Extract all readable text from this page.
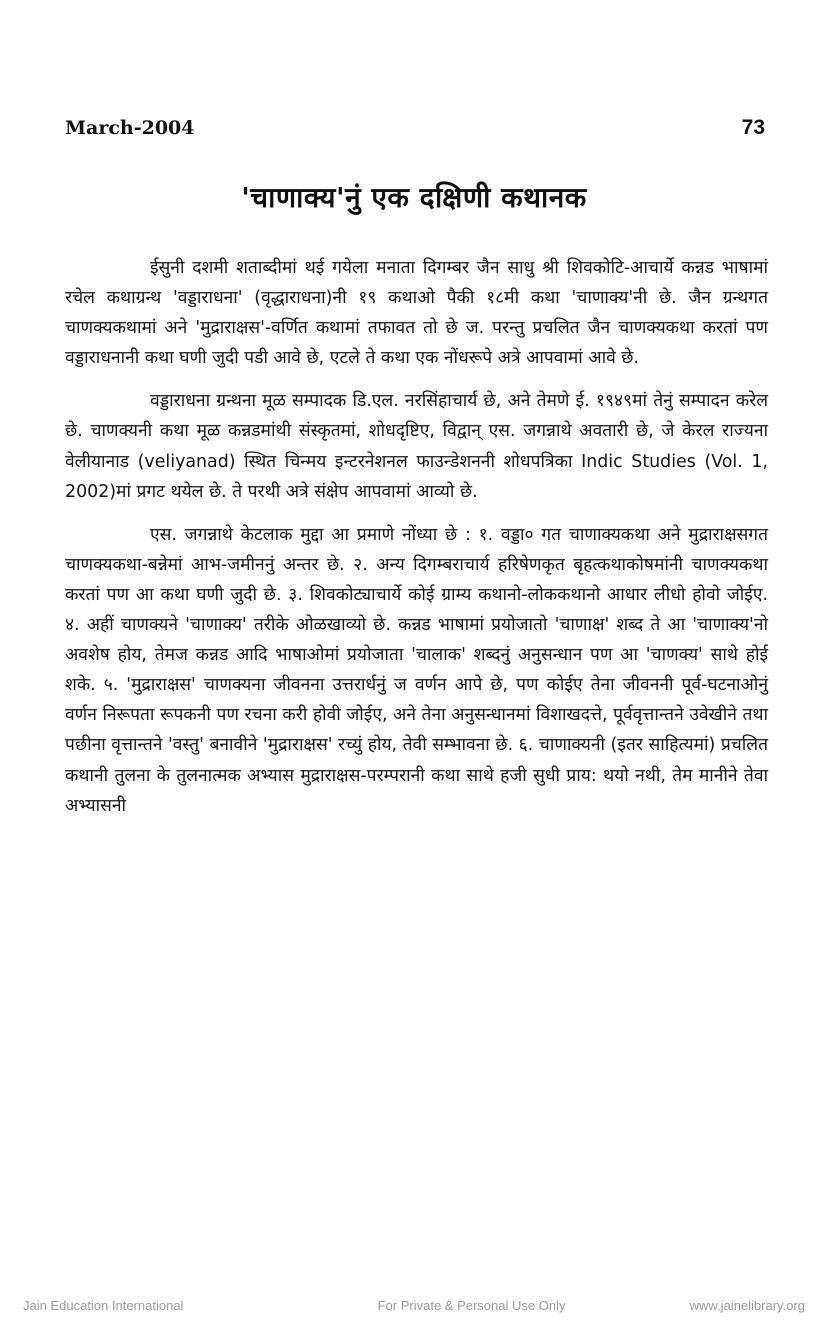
March-2004	73
'चाणाक्य'नुं एक दक्षिणी कथानक

ईसुनी दशमी शताब्दीमां थई गयेला मनाता दिगम्बर जैन साधु श्री शिवकोटि-आचार्ये कन्नड भाषामां रचेल कथाग्रन्थ 'वड्डाराधना' (वृद्धाराधना)नी १९ कथाओ पैकी १८मी कथा 'चाणाक्य'नी छे. जैन ग्रन्थगत चाणक्यकथामां अने 'मुद्राराक्षस'-वर्णित कथामां तफावत तो छे ज. परन्तु प्रचलित जैन चाणक्यकथा करतां पण वड्डाराधनानी कथा घणी जुदी पडी आवे छे, एटले ते कथा एक नोंधरूपे अत्रे आपवामां आवे छे.

वड्डाराधना ग्रन्थना मूळ सम्पादक डि.एल. नरसिंहाचार्य छे, अने तेमणे ई. १९४९मां तेनुं सम्पादन करेल छे. चाणक्यनी कथा मूळ कन्नडमांथी संस्कृतमां, शोधदृष्टिए, विद्वान् एस. जगन्नाथे अवतारी छे, जे केरल राज्यना वेलीयानाड (veliyanad) स्थित चिन्मय इन्टरनेशनल फाउन्डेशननी शोधपत्रिका Indic Studies (Vol. 1, 2002)मां प्रगट थयेल छे. ते परथी अत्रे संक्षेप आपवामां आव्यो छे.

एस. जगन्नाथे केटलाक मुद्दा आ प्रमाणे नोंध्या छे : १. वड्डा० गत चाणाक्यकथा अने मुद्राराक्षसगत चाणक्यकथा-बन्नेमां आभ-जमीननुं अन्तर छे. २. अन्य दिगम्बराचार्य हरिषेणकृत बृहत्कथाकोषमांनी चाणक्यकथा करतां पण आ कथा घणी जुदी छे. ३. शिवकोट्याचार्ये कोई ग्राम्य कथानो-लोककथानो आधार लीधो होवो जोईए. ४. अहीं चाणक्यने 'चाणाक्य' तरीके ओळखाव्यो छे. कन्नड भाषामां प्रयोजातो 'चाणाक्ष' शब्द ते आ 'चाणाक्य'नो अवशेष होय, तेमज कन्नड आदि भाषाओमां प्रयोजाता 'चालाक' शब्दनुं अनुसन्धान पण आ 'चाणक्य' साथे होई शके. ५. 'मुद्राराक्षस' चाणक्यना जीवनना उत्तरार्धनुं ज वर्णन आपे छे, पण कोईए तेना जीवननी पूर्व-घटनाओनुं वर्णन निरूपता रूपकनी पण रचना करी होवी जोईए, अने तेना अनुसन्धानमां विशाखदत्ते, पूर्ववृत्तान्तने उवेखीने तथा पछीना वृत्तान्तने 'वस्तु' बनावीने 'मुद्राराक्षस' रच्युं होय, तेवी सम्भावना छे. ६. चाणाक्यनी (इतर साहित्यमां) प्रचलित कथानी तुलना के तुलनात्मक अभ्यास मुद्राराक्षस-परम्परानी कथा साथे हजी सुधी प्राय: थयो नथी, तेम मानीने तेवा अभ्यासनी

Jain Education International	For Private & Personal Use Only	www.jainelibrary.org
